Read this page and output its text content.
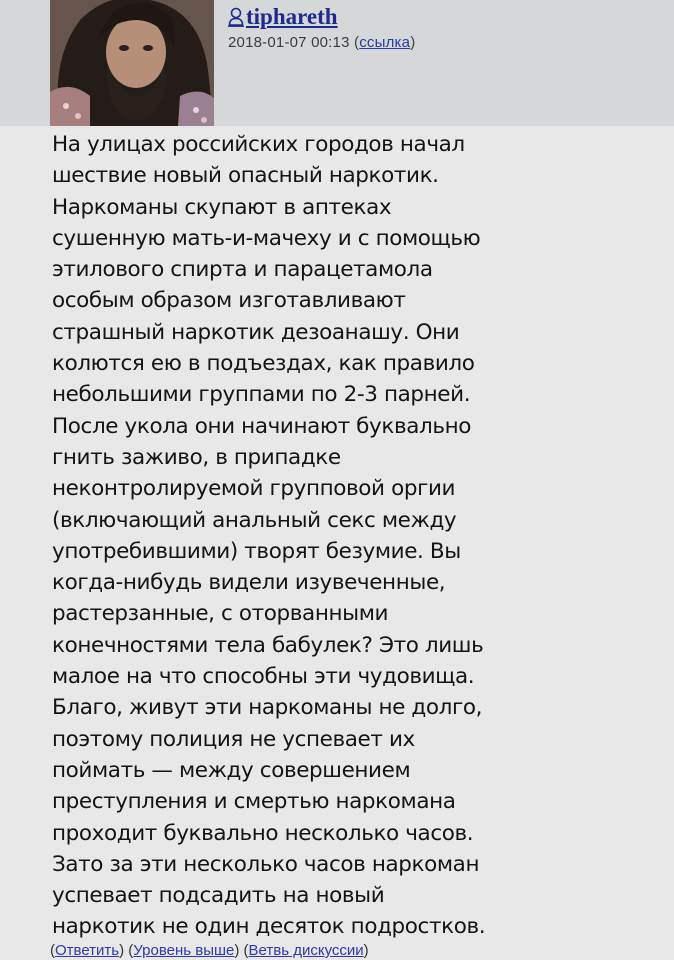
tiphareth
2018-01-07 00:13 (ссылка)
На улицах российских городов начал
шествие новый опасный наркотик.
Наркоманы скупают в аптеках
сушенную мать-и-мачеху и с помощью
этилового спирта и парацетамола
особым образом изготавливают
страшный наркотик дезоанашу. Они
колются ею в подъездах, как правило
небольшими группами по 2-3 парней.
После укола они начинают буквально
гнить заживо, в припадке
неконтролируемой групповой оргии
(включающий анальный секс между
употребившими) творят безумие. Вы
когда-нибудь видели изувеченные,
растерзанные, с оторванными
конечностями тела бабулек? Это лишь
малое на что способны эти чудовища.
Благо, живут эти наркоманы не долго,
поэтому полиция не успевает их
поймать — между совершением
преступления и смертью наркомана
проходит буквально несколько часов.
Зато за эти несколько часов наркоман
успевает подсадить на новый
наркотик не один десяток подростков.
(Ответить) (Уровень выше) (Ветвь дискуссии)
